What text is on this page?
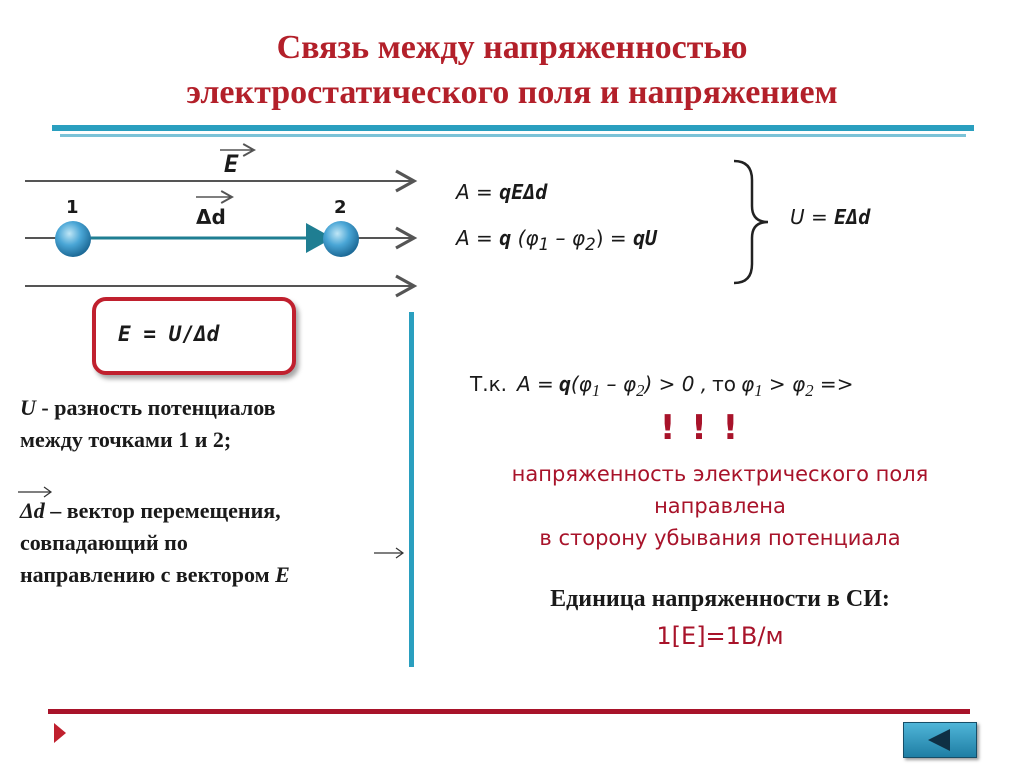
Связь между напряженностью
электростатического поля и напряжением
E
Δd
1	2
E = U/Δd
U - разность потенциалов
между точками 1 и 2;
Δd – вектор перемещения,
совпадающий по
направлению с вектором E
A = qEΔd
A = q $(\varphi_1 - \varphi_2)$ = qU
U = EΔd
Т.к. $A = q(\varphi_1 - \varphi_2) > 0$ , то $\varphi_1 > \varphi_2$ =>
! ! !
напряженность электрического поля
направлена
в сторону убывания потенциала
Единица напряженности в СИ:
1[E]=1В/м
